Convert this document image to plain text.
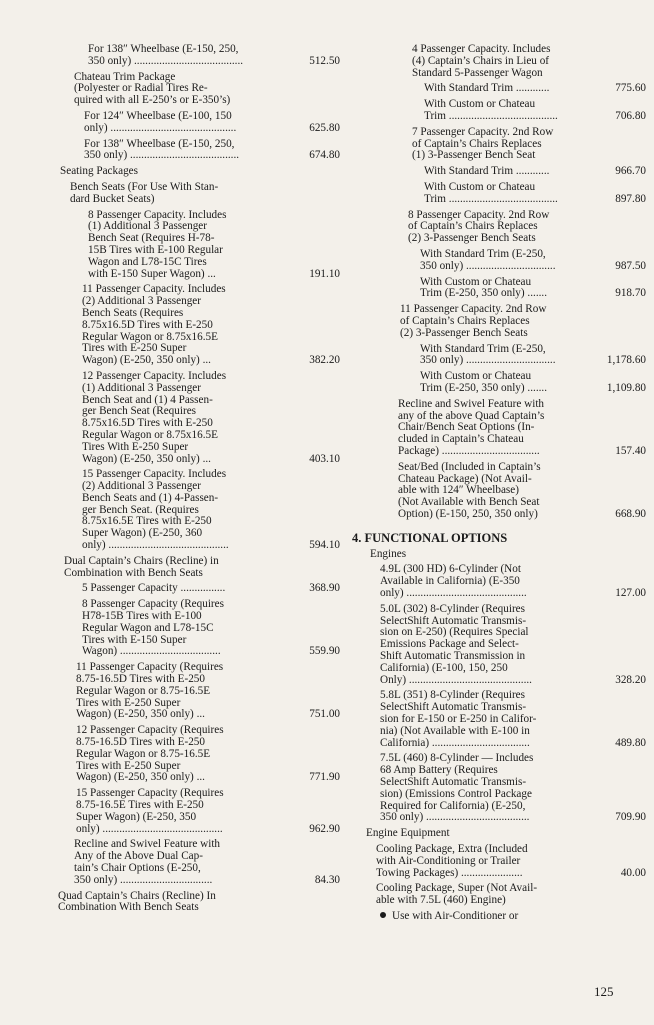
For 138″ Wheelbase (E-150, 250,
350 only) .......................................	512.50
Chateau Trim Package
(Polyester or Radial Tires Re-
quired with all E-250’s or E-350’s)
For 124″ Wheelbase (E-100, 150
only) .............................................	625.80
For 138″ Wheelbase (E-150, 250,
350 only) .......................................	674.80
Seating Packages
Bench Seats (For Use With Stan-
dard Bucket Seats)
8 Passenger Capacity. Includes
(1) Additional 3 Passenger
Bench Seat (Requires H-78-
15B Tires with E-100 Regular
Wagon and L78-15C Tires
with E-150 Super Wagon) ...	191.10
11 Passenger Capacity. Includes
(2) Additional 3 Passenger
Bench Seats (Requires
8.75x16.5D Tires with E-250
Regular Wagon or 8.75x16.5E
Tires with E-250 Super
Wagon) (E-250, 350 only) ...	382.20
12 Passenger Capacity. Includes
(1) Additional 3 Passenger
Bench Seat and (1) 4 Passen-
ger Bench Seat (Requires
8.75x16.5D Tires with E-250
Regular Wagon or 8.75x16.5E
Tires With E-250 Super
Wagon) (E-250, 350 only) ...	403.10
15 Passenger Capacity. Includes
(2) Additional 3 Passenger
Bench Seats and (1) 4-Passen-
ger Bench Seat. (Requires
8.75x16.5E Tires with E-250
Super Wagon) (E-250, 360
only) ...........................................	594.10
Dual Captain’s Chairs (Recline) in
Combination with Bench Seats
5 Passenger Capacity ................	368.90
8 Passenger Capacity (Requires
H78-15B Tires with E-100
Regular Wagon and L78-15C
Tires with E-150 Super
Wagon) ....................................	559.90
11 Passenger Capacity (Requires
8.75-16.5D Tires with E-250
Regular Wagon or 8.75-16.5E
Tires with E-250 Super
Wagon) (E-250, 350 only) ...	751.00
12 Passenger Capacity (Requires
8.75-16.5D Tires with E-250
Regular Wagon or 8.75-16.5E
Tires with E-250 Super
Wagon) (E-250, 350 only) ...	771.90
15 Passenger Capacity (Requires
8.75-16.5E Tires with E-250
Super Wagon) (E-250, 350
only) ...........................................	962.90
Recline and Swivel Feature with
Any of the Above Dual Cap-
tain’s Chair Options (E-250,
350 only) .................................	84.30
Quad Captain’s Chairs (Recline) In
Combination With Bench Seats
4 Passenger Capacity. Includes
(4) Captain’s Chairs in Lieu of
Standard 5-Passenger Wagon
With Standard Trim ............	775.60
With Custom or Chateau
Trim .......................................	706.80
7 Passenger Capacity. 2nd Row
of Captain’s Chairs Replaces
(1) 3-Passenger Bench Seat
With Standard Trim ............	966.70
With Custom or Chateau
Trim .......................................	897.80
8 Passenger Capacity. 2nd Row
of Captain’s Chairs Replaces
(2) 3-Passenger Bench Seats
With Standard Trim (E-250,
350 only) ................................	987.50
With Custom or Chateau
Trim (E-250, 350 only) .......	918.70
11 Passenger Capacity. 2nd Row
of Captain’s Chairs Replaces
(2) 3-Passenger Bench Seats
With Standard Trim (E-250,
350 only) ................................	1,178.60
With Custom or Chateau
Trim (E-250, 350 only) .......	1,109.80
Recline and Swivel Feature with
any of the above Quad Captain’s
Chair/Bench Seat Options (In-
cluded in Captain’s Chateau
Package) ...................................	157.40
Seat/Bed (Included in Captain’s
Chateau Package) (Not Avail-
able with 124″ Wheelbase)
(Not Available with Bench Seat
Option) (E-150, 250, 350 only)	668.90
4. FUNCTIONAL OPTIONS
Engines
4.9L (300 HD) 6-Cylinder (Not
Available in California) (E-350
only) ...........................................	127.00
5.0L (302) 8-Cylinder (Requires
SelectShift Automatic Transmis-
sion on E-250) (Requires Special
Emissions Package and Select-
Shift Automatic Transmission in
California) (E-100, 150, 250
Only) ............................................	328.20
5.8L (351) 8-Cylinder (Requires
SelectShift Automatic Transmis-
sion for E-150 or E-250 in Califor-
nia) (Not Available with E-100 in
California) ...................................	489.80
7.5L (460) 8-Cylinder — Includes
68 Amp Battery (Requires
SelectShift Automatic Transmis-
sion) (Emissions Control Package
Required for California) (E-250,
350 only) .....................................	709.90
Engine Equipment
Cooling Package, Extra (Included
with Air-Conditioning or Trailer
Towing Packages) ......................	40.00
Cooling Package, Super (Not Avail-
able with 7.5L (460) Engine)
Use with Air-Conditioner or
125
